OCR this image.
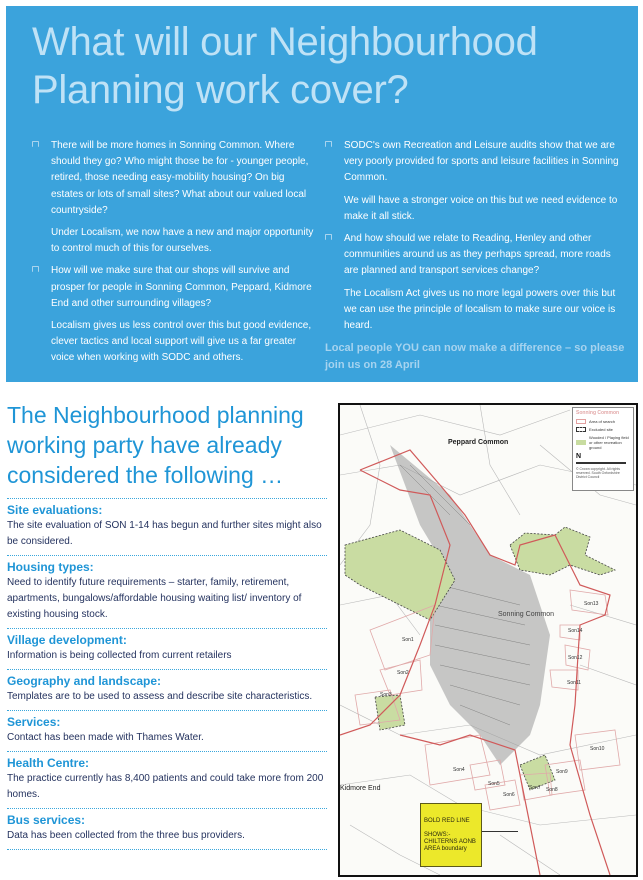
What will our Neighbourhood Planning work cover?

There will be more homes in Sonning Common. Where should they go? Who might those be for - younger people, retired, those needing easy-mobility housing? On big estates or lots of small sites? What about our valued local countryside?

Under Localism, we now have a new and major opportunity to control much of this for ourselves.

How will we make sure that our shops will survive and prosper for people in Sonning Common, Peppard, Kidmore End and other surrounding villages?

Localism gives us less control over this but good evidence, clever tactics and local support will give us a far greater voice when working with SODC and others.

SODC's own Recreation and Leisure audits show that we are very poorly provided for sports and leisure facilities in Sonning Common.

We will have a stronger voice on this but we need evidence to make it all stick.

And how should we relate to Reading, Henley and other communities around us as they perhaps spread, more roads are planned and transport services change?

The Localism Act gives us no more legal powers over this but we can use the principle of localism to make sure our voice is heard.

Local people YOU can now make a difference – so please join us on 28 April

The Neighbourhood planning working party have already considered the following …
Site evaluations:
The site evaluation of SON 1-14 has begun and further sites might also be considered.
Housing types:
Need to identify future requirements – starter, family, retirement, apartments, bungalows/affordable housing waiting list/ inventory of existing housing stock.
Village development:
Information is being collected from current retailers
Geography and landscape:
Templates are to be used to assess and describe site characteristics.
Services:
Contact has been made with Thames Water.
Health Centre:
The practice currently has 8,400 patients and could take more from 200 homes.
Bus services:
Data has been collected from the three bus providers.
Peppard Common
Sonning Common
Kidmore End
Son1
Son2
Son3
Son4
Son5
Son6
Son7 Son8
Son9
Son10
Son11
Son12
Son13
Son14
Sonning Common
Area of search
Excluded site
Wooded / Playing field or other recreation ground
N
© Crown copyright. All rights reserved. South Oxfordshire District Council
BOLD RED LINE
SHOWS:-
CHILTERNS AONB
AREA boundary
